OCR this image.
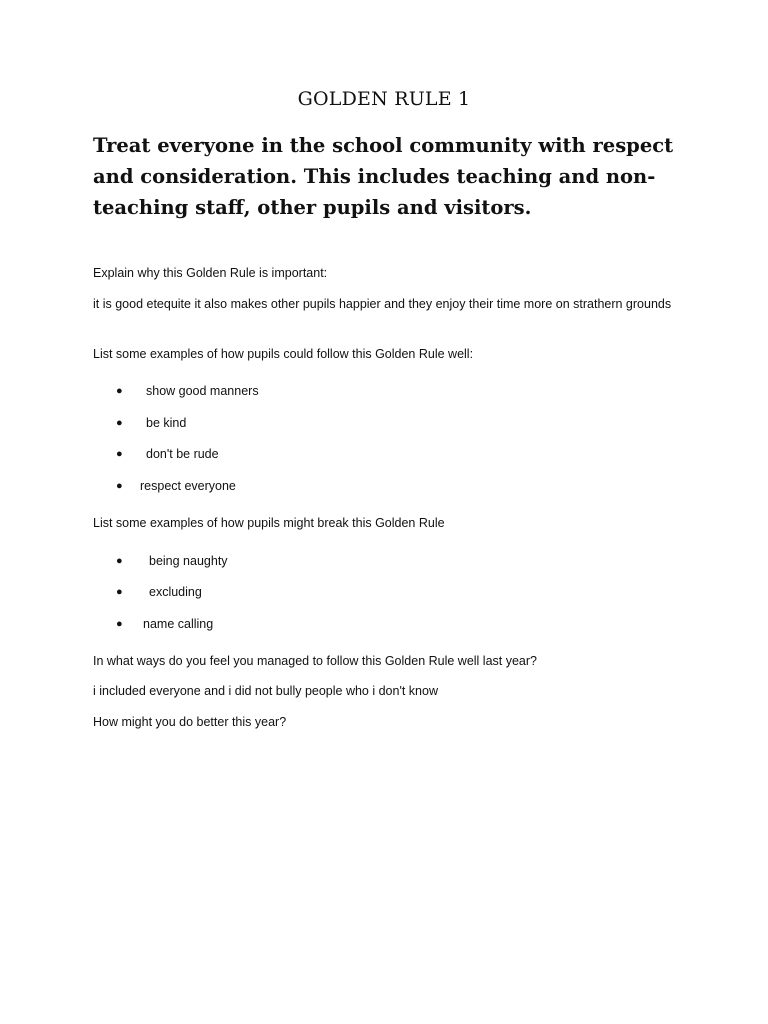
GOLDEN RULE 1
Treat everyone in the school community with respect and consideration. This includes teaching and non-teaching staff, other pupils and visitors.

Explain why this Golden Rule is important:

it is good etequite it also makes other pupils happier and they enjoy their time more on strathern grounds

List some examples of how pupils could follow this Golden Rule well:

● show good manners
● be kind
● don't be rude
● respect everyone

List some examples of how pupils might break this Golden Rule

● being naughty
● excluding
● name calling

In what ways do you feel you managed to follow this Golden Rule well last year?

i included everyone and i did not bully people who i don't know

How might you do better this year?
